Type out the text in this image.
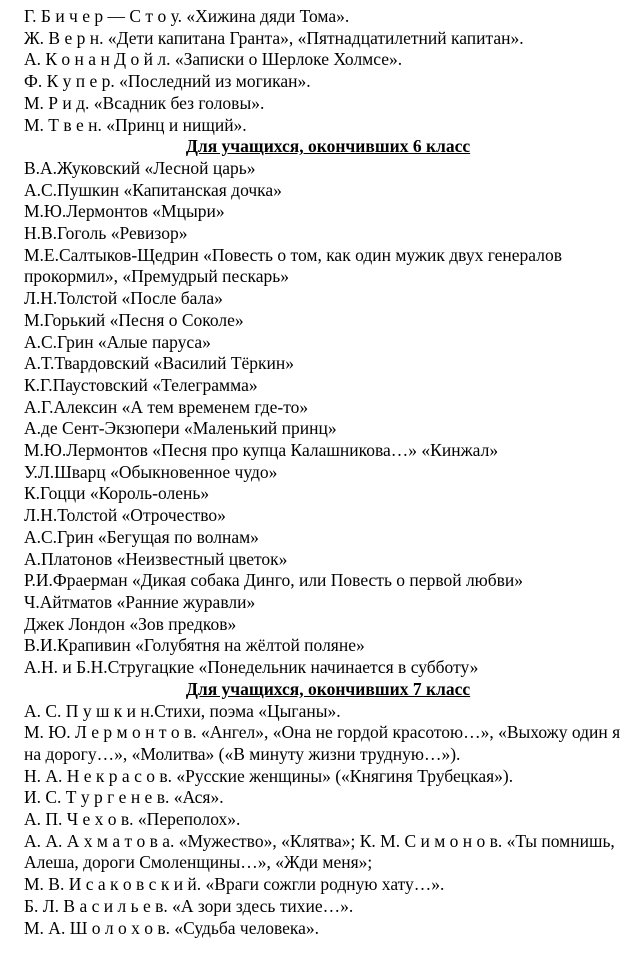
Г. Б и ч е р — С т о у. «Хижина дяди Тома».

Ж. В е р н. «Дети капитана Гранта», «Пятнадцатилетний капитан».

А. К о н а н Д о й л. «Записки о Шерлоке Холмсе».

Ф. К у п е р. «Последний из могикан».

М. Р и д. «Всадник без головы».

М. Т в е н. «Принц и нищий».

Для учащихся, окончивших 6 класс

В.А.Жуковский «Лесной царь»

А.С.Пушкин «Капитанская дочка»

М.Ю.Лермонтов «Мцыри»

Н.В.Гоголь «Ревизор»

М.Е.Салтыков-Щедрин «Повесть о том, как один мужик двух генералов прокормил», «Премудрый пескарь»

Л.Н.Толстой «После бала»

М.Горький «Песня о Соколе»

А.С.Грин «Алые паруса»

А.Т.Твардовский «Василий Тёркин»

К.Г.Паустовский «Телеграмма»

А.Г.Алексин «А тем временем где-то»

А.де Сент-Экзюпери «Маленький принц»

М.Ю.Лермонтов «Песня про купца Калашникова…» «Кинжал»

У.Л.Шварц «Обыкновенное чудо»

К.Гоцци «Король-олень»

Л.Н.Толстой «Отрочество»

А.С.Грин «Бегущая по волнам»

А.Платонов «Неизвестный цветок»

Р.И.Фраерман «Дикая собака Динго, или Повесть о первой любви»

Ч.Айтматов «Ранние журавли»

Джек Лондон «Зов предков»

В.И.Крапивин «Голубятня на жёлтой поляне»

А.Н. и Б.Н.Стругацкие «Понедельник начинается в субботу»

Для учащихся, окончивших 7 класс

А. С. П у ш к и н.Стихи, поэма «Цыганы».

М. Ю. Л е р м о н т о в. «Ангел», «Она не гордой красотою…», «Выхожу один я на дорогу…», «Молитва» («В минуту жизни трудную…»).

Н. А. Н е к р а с о в. «Русские женщины» («Княгиня Трубецкая»).

И. С. Т у р г е н е в. «Ася».

А. П. Ч е х о в. «Переполох».

А. А. А х м а т о в а. «Мужество», «Клятва»; К. М. С и м о н о в. «Ты помнишь, Алеша, дороги Смоленщины…», «Жди меня»;

М. В. И с а к о в с к и й. «Враги сожгли родную хату…».

Б. Л. В а с и л ь е в. «А зори здесь тихие…».

М. А. Ш о л о х о в. «Судьба человека».
